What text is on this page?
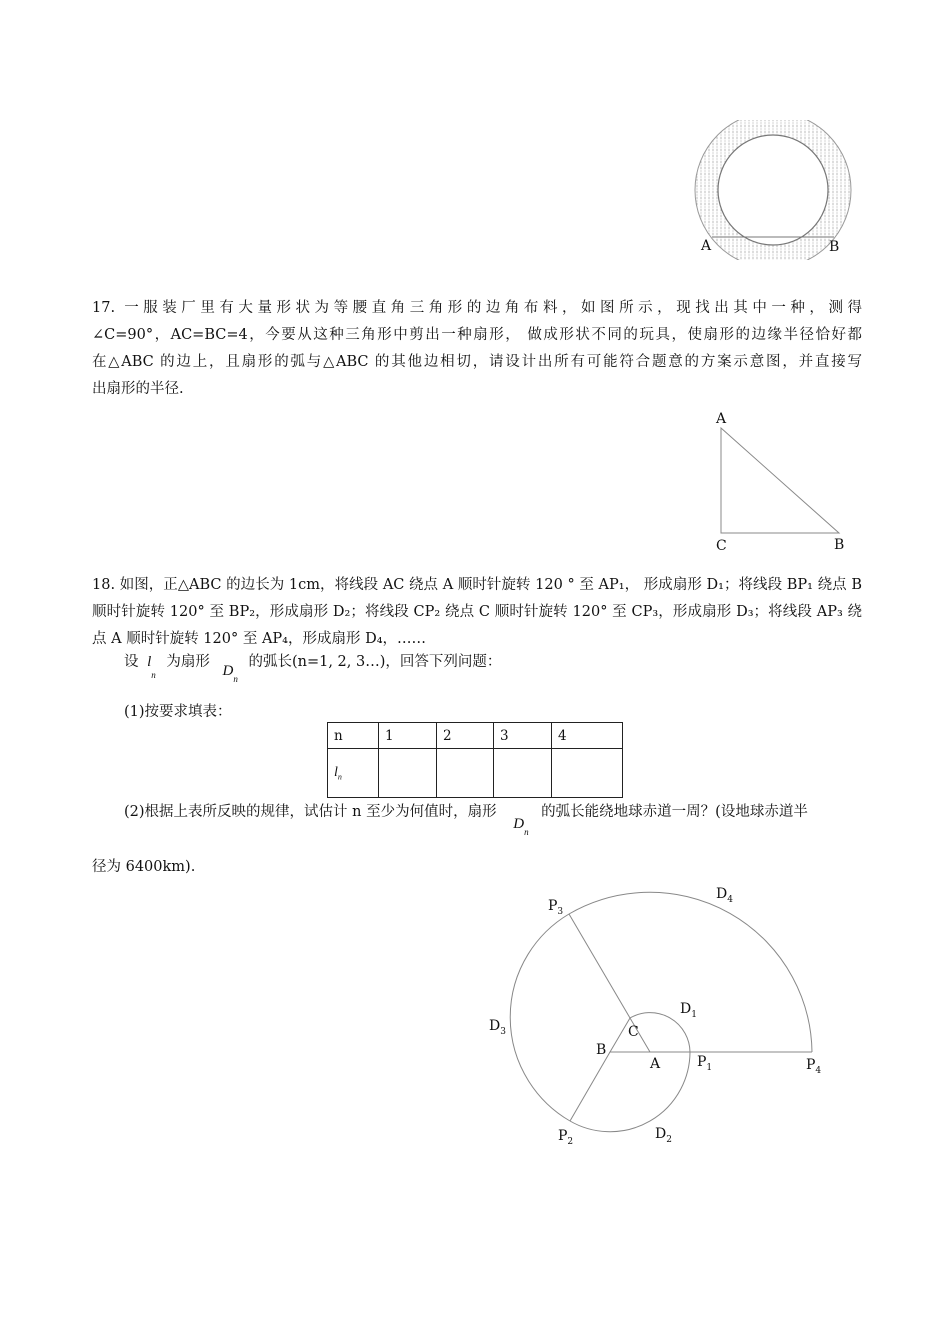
A	B
17. 一服装厂里有大量形状为等腰直角三角形的边角布料，如图所示，现找出其中一种，测得
∠C=90°，AC=BC=4，今要从这种三角形中剪出一种扇形， 做成形状不同的玩具，使扇形的边缘半径恰好都
在△ABC 的边上，且扇形的弧与△ABC 的其他边相切，请设计出所有可能符合题意的方案示意图，并直接写
出扇形的半径.
A
C	B
18. 如图，正△ABC 的边长为 1cm，将线段 AC 绕点 A 顺时针旋转 120 ° 至 AP₁， 形成扇形 D₁；将线段 BP₁ 绕点 B
顺时针旋转 120° 至 BP₂，形成扇形 D₂；将线段 CP₂ 绕点 C 顺时针旋转 120° 至 CP₃，形成扇形 D₃；将线段 AP₃ 绕
点 A 顺时针旋转 120° 至 AP₄，形成扇形 D₄，……
设 $l_n$ 为扇形 $D_n$ 的弧长(n=1, 2, 3…)，回答下列问题：
(1)按要求填表：
n	1	2	3	4
$l_n$				
(2)根据上表所反映的规律，试估计 n 至少为何值时，扇形 $D_n$ 的弧长能绕地球赤道一周？(设地球赤道半
径为 6400km).
B
A
C
$P_1$
$P_2$
$P_3$
$P_4$
$D_1$
$D_2$
$D_3$
$D_4$
